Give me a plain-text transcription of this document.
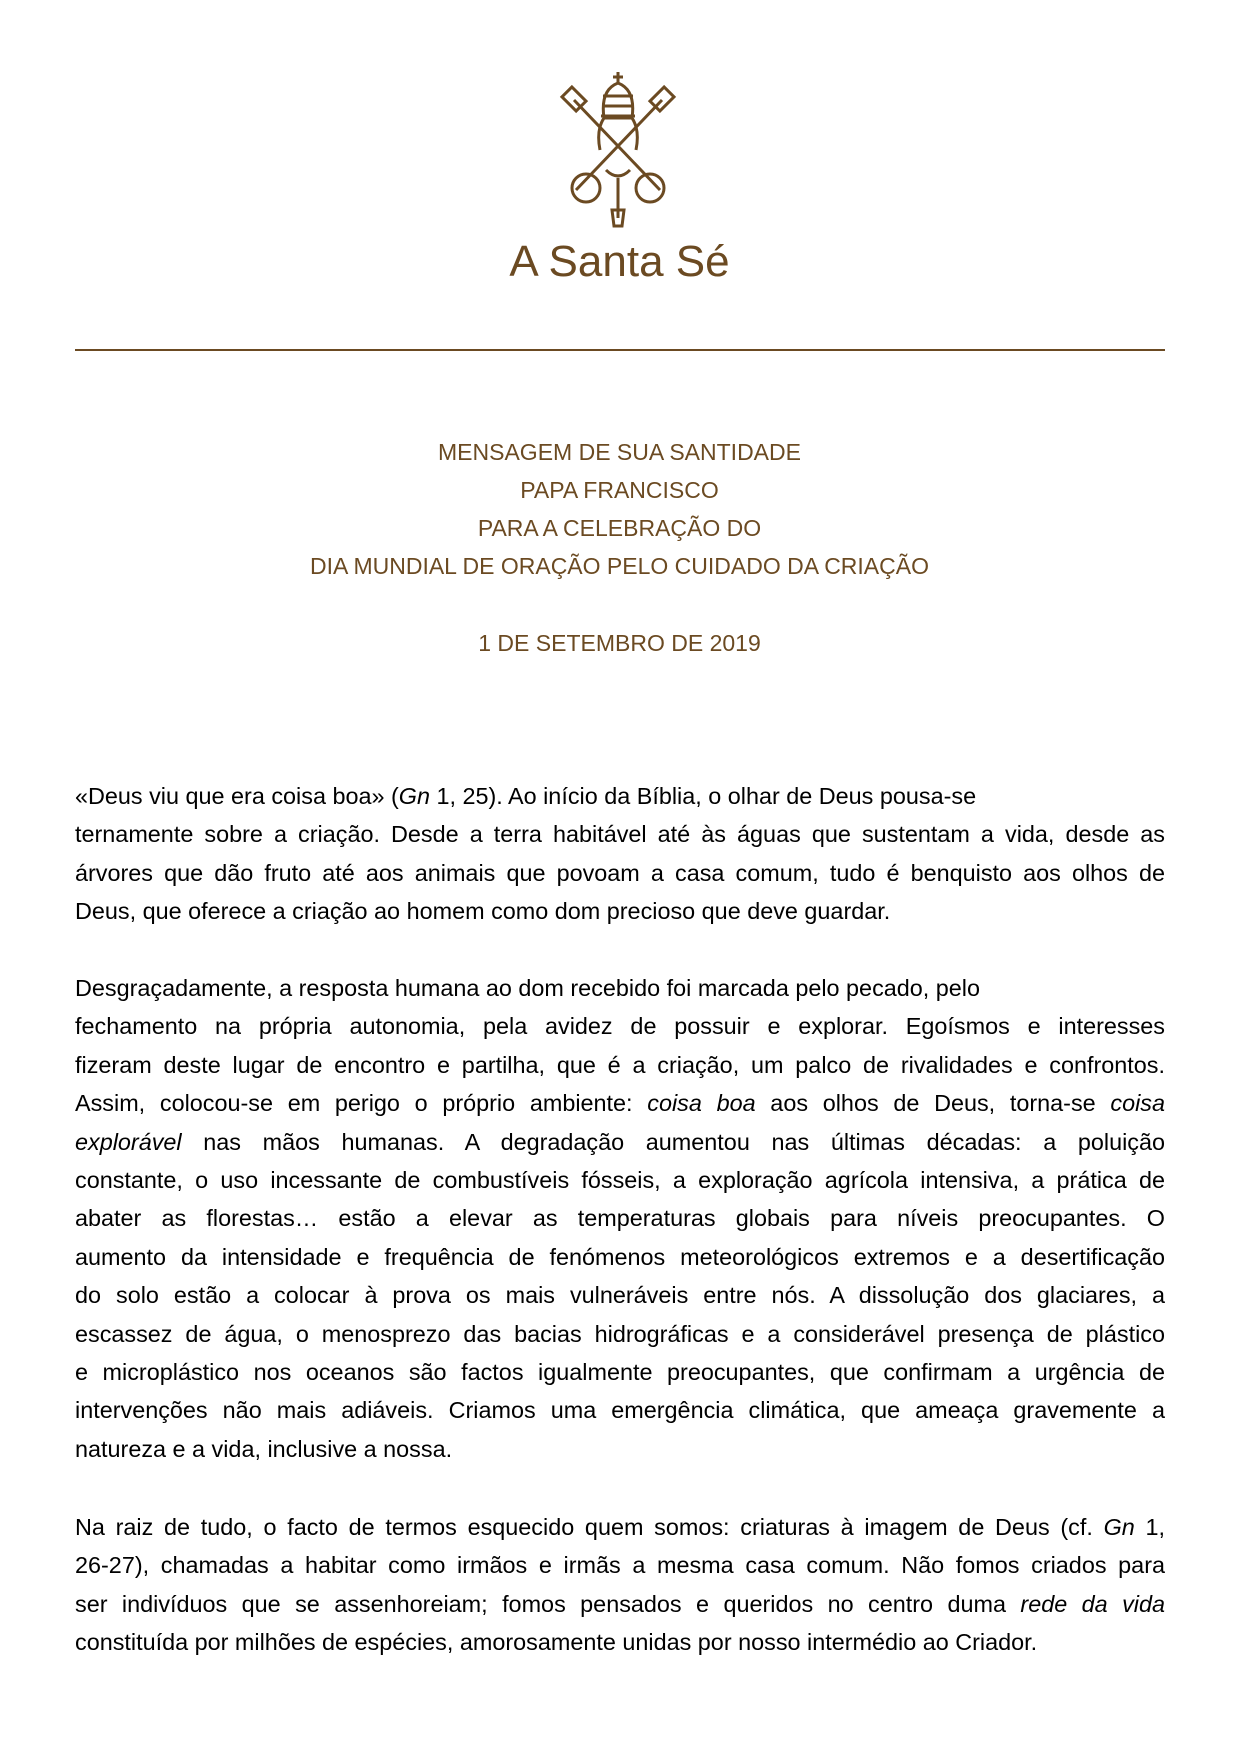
A Santa Sé
MENSAGEM DE SUA SANTIDADE
PAPA FRANCISCO
PARA A CELEBRAÇÃO DO
DIA MUNDIAL DE ORAÇÃO PELO CUIDADO DA CRIAÇÃO
1 DE SETEMBRO DE 2019
«Deus viu que era coisa boa» (Gn 1, 25). Ao início da Bíblia, o olhar de Deus pousa-se
ternamente sobre a criação. Desde a terra habitável até às águas que sustentam a vida, desde as
árvores que dão fruto até aos animais que povoam a casa comum, tudo é benquisto aos olhos de
Deus, que oferece a criação ao homem como dom precioso que deve guardar.
Desgraçadamente, a resposta humana ao dom recebido foi marcada pelo pecado, pelo
fechamento na própria autonomia, pela avidez de possuir e explorar. Egoísmos e interesses
fizeram deste lugar de encontro e partilha, que é a criação, um palco de rivalidades e confrontos.
Assim, colocou-se em perigo o próprio ambiente: coisa boa aos olhos de Deus, torna-se coisa
explorável nas mãos humanas. A degradação aumentou nas últimas décadas: a poluição
constante, o uso incessante de combustíveis fósseis, a exploração agrícola intensiva, a prática de
abater as florestas… estão a elevar as temperaturas globais para níveis preocupantes. O
aumento da intensidade e frequência de fenómenos meteorológicos extremos e a desertificação
do solo estão a colocar à prova os mais vulneráveis entre nós. A dissolução dos glaciares, a
escassez de água, o menosprezo das bacias hidrográficas e a considerável presença de plástico
e microplástico nos oceanos são factos igualmente preocupantes, que confirmam a urgência de
intervenções não mais adiáveis. Criamos uma emergência climática, que ameaça gravemente a
natureza e a vida, inclusive a nossa.
Na raiz de tudo, o facto de termos esquecido quem somos: criaturas à imagem de Deus (cf. Gn 1,
26-27), chamadas a habitar como irmãos e irmãs a mesma casa comum. Não fomos criados para
ser indivíduos que se assenhoreiam; fomos pensados e queridos no centro duma rede da vida
constituída por milhões de espécies, amorosamente unidas por nosso intermédio ao Criador.
